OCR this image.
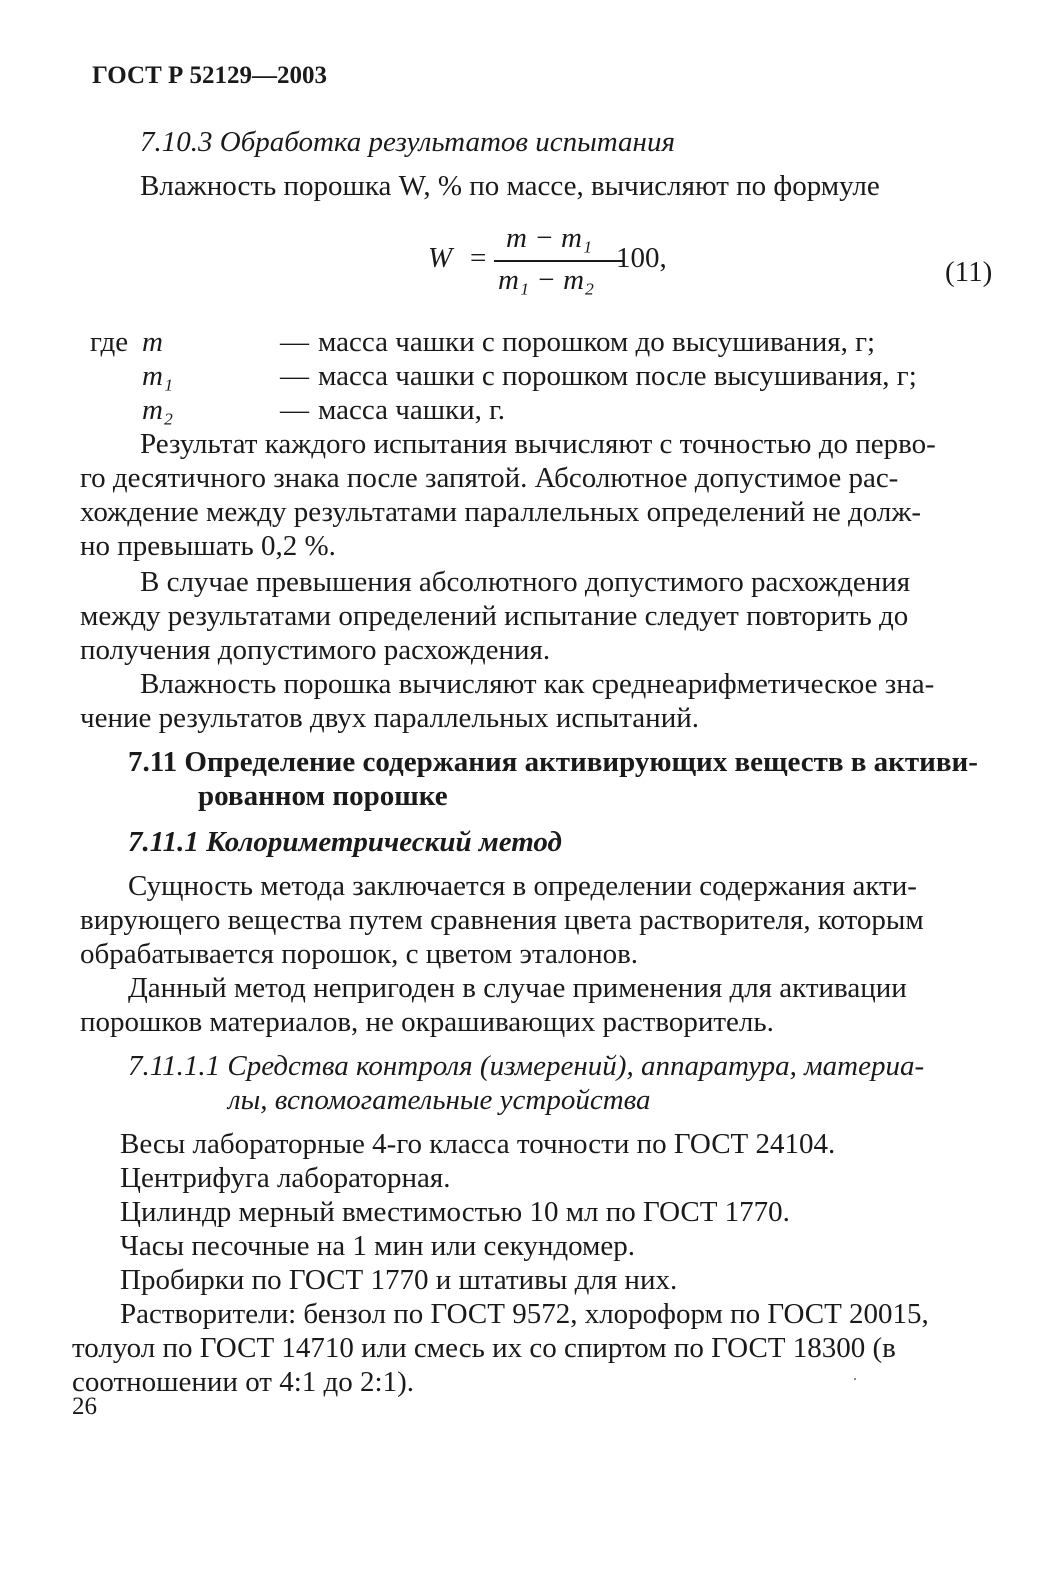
ГОСТ Р 52129—2003
7.10.3 Обработка результатов испытания
Влажность порошка W, % по массе, вычисляют по формуле
W =
m − m₁
m₁ − m₂
100,	(11)
где m	— масса чашки с порошком до высушивания, г;
m₁	— масса чашки с порошком после высушивания, г;
m₂	— масса чашки, г.
Результат каждого испытания вычисляют с точностью до перво-
го десятичного знака после запятой. Абсолютное допустимое рас-
хождение между результатами параллельных определений не долж-
но превышать 0,2 %.
В случае превышения абсолютного допустимого расхождения
между результатами определений испытание следует повторить до
получения допустимого расхождения.
Влажность порошка вычисляют как среднеарифметическое зна-
чение результатов двух параллельных испытаний.
7.11 Определение содержания активирующих веществ в активи-
рованном порошке
7.11.1 Колориметрический метод
Сущность метода заключается в определении содержания акти-
вирующего вещества путем сравнения цвета растворителя, которым
обрабатывается порошок, с цветом эталонов.
Данный метод непригоден в случае применения для активации
порошков материалов, не окрашивающих растворитель.
7.11.1.1 Средства контроля (измерений), аппаратура, материа-
лы, вспомогательные устройства
Весы лабораторные 4-го класса точности по ГОСТ 24104.
Центрифуга лабораторная.
Цилиндр мерный вместимостью 10 мл по ГОСТ 1770.
Часы песочные на 1 мин или секундомер.
Пробирки по ГОСТ 1770 и штативы для них.
Растворители: бензол по ГОСТ 9572, хлороформ по ГОСТ 20015,
толуол по ГОСТ 14710 или смесь их со спиртом по ГОСТ 18300 (в
соотношении от 4:1 до 2:1).
26
